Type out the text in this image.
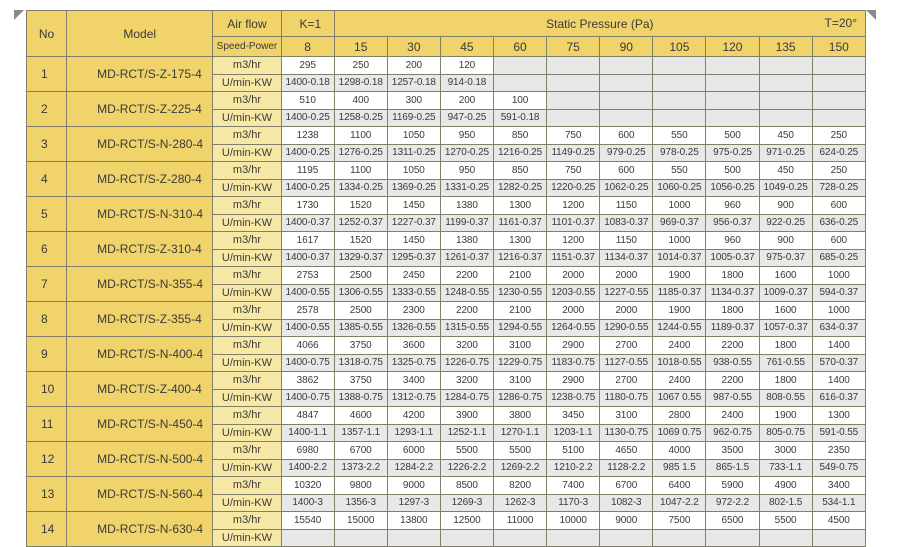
No	Model	Air flow	K=1	Static Pressure (Pa) T=20°									

		Speed-Power	8	15	30	45	60	75	90	105	120	135	150
1	MD-RCT/S-Z-175-4	m3/hr	295	250	200	120							
		U/min-KW	1400-0.18	1298-0.18	1257-0.18	914-0.18							
2	MD-RCT/S-Z-225-4	m3/hr	510	400	300	200	100						
		U/min-KW	1400-0.25	1258-0.25	1169-0.25	947-0.25	591-0.18						
3	MD-RCT/S-N-280-4	m3/hr	1238	1100	1050	950	850	750	600	550	500	450	250
		U/min-KW	1400-0.25	1276-0.25	1311-0.25	1270-0.25	1216-0.25	1149-0.25	979-0.25	978-0.25	975-0.25	971-0.25	624-0.25
4	MD-RCT/S-Z-280-4	m3/hr	1195	1100	1050	950	850	750	600	550	500	450	250
		U/min-KW	1400-0.25	1334-0.25	1369-0.25	1331-0.25	1282-0.25	1220-0.25	1062-0.25	1060-0.25	1056-0.25	1049-0.25	728-0.25
5	MD-RCT/S-N-310-4	m3/hr	1730	1520	1450	1380	1300	1200	1150	1000	960	900	600
		U/min-KW	1400-0.37	1252-0.37	1227-0.37	1199-0.37	1161-0.37	1101-0.37	1083-0.37	969-0.37	956-0.37	922-0.25	636-0.25
6	MD-RCT/S-Z-310-4	m3/hr	1617	1520	1450	1380	1300	1200	1150	1000	960	900	600
		U/min-KW	1400-0.37	1329-0.37	1295-0.37	1261-0.37	1216-0.37	1151-0.37	1134-0.37	1014-0.37	1005-0.37	975-0.37	685-0.25
7	MD-RCT/S-N-355-4	m3/hr	2753	2500	2450	2200	2100	2000	2000	1900	1800	1600	1000
		U/min-KW	1400-0.55	1306-0.55	1333-0.55	1248-0.55	1230-0.55	1203-0.55	1227-0.55	1185-0.37	1134-0.37	1009-0.37	594-0.37
8	MD-RCT/S-Z-355-4	m3/hr	2578	2500	2300	2200	2100	2000	2000	1900	1800	1600	1000
		U/min-KW	1400-0.55	1385-0.55	1326-0.55	1315-0.55	1294-0.55	1264-0.55	1290-0.55	1244-0.55	1189-0.37	1057-0.37	634-0.37
9	MD-RCT/S-N-400-4	m3/hr	4066	3750	3600	3200	3100	2900	2700	2400	2200	1800	1400
		U/min-KW	1400-0.75	1318-0.75	1325-0.75	1226-0.75	1229-0.75	1183-0.75	1127-0.55	1018-0.55	938-0.55	761-0.55	570-0.37
10	MD-RCT/S-Z-400-4	m3/hr	3862	3750	3400	3200	3100	2900	2700	2400	2200	1800	1400
		U/min-KW	1400-0.75	1388-0.75	1312-0.75	1284-0.75	1286-0.75	1238-0.75	1180-0.75	1067 0.55	987-0.55	808-0.55	616-0.37
11	MD-RCT/S-N-450-4	m3/hr	4847	4600	4200	3900	3800	3450	3100	2800	2400	1900	1300
		U/min-KW	1400-1.1	1357-1.1	1293-1.1	1252-1.1	1270-1.1	1203-1.1	1130-0.75	1069 0.75	962-0.75	805-0.75	591-0.55
12	MD-RCT/S-N-500-4	m3/hr	6980	6700	6000	5500	5500	5100	4650	4000	3500	3000	2350
		U/min-KW	1400-2.2	1373-2.2	1284-2.2	1226-2.2	1269-2.2	1210-2.2	1128-2.2	985 1.5	865-1.5	733-1.1	549-0.75
13	MD-RCT/S-N-560-4	m3/hr	10320	9800	9000	8500	8200	7400	6700	6400	5900	4900	3400
		U/min-KW	1400-3	1356-3	1297-3	1269-3	1262-3	1170-3	1082-3	1047-2.2	972-2.2	802-1.5	534-1.1
14	MD-RCT/S-N-630-4	m3/hr	15540	15000	13800	12500	11000	10000	9000	7500	6500	5500	4500
		U/min-KW											
